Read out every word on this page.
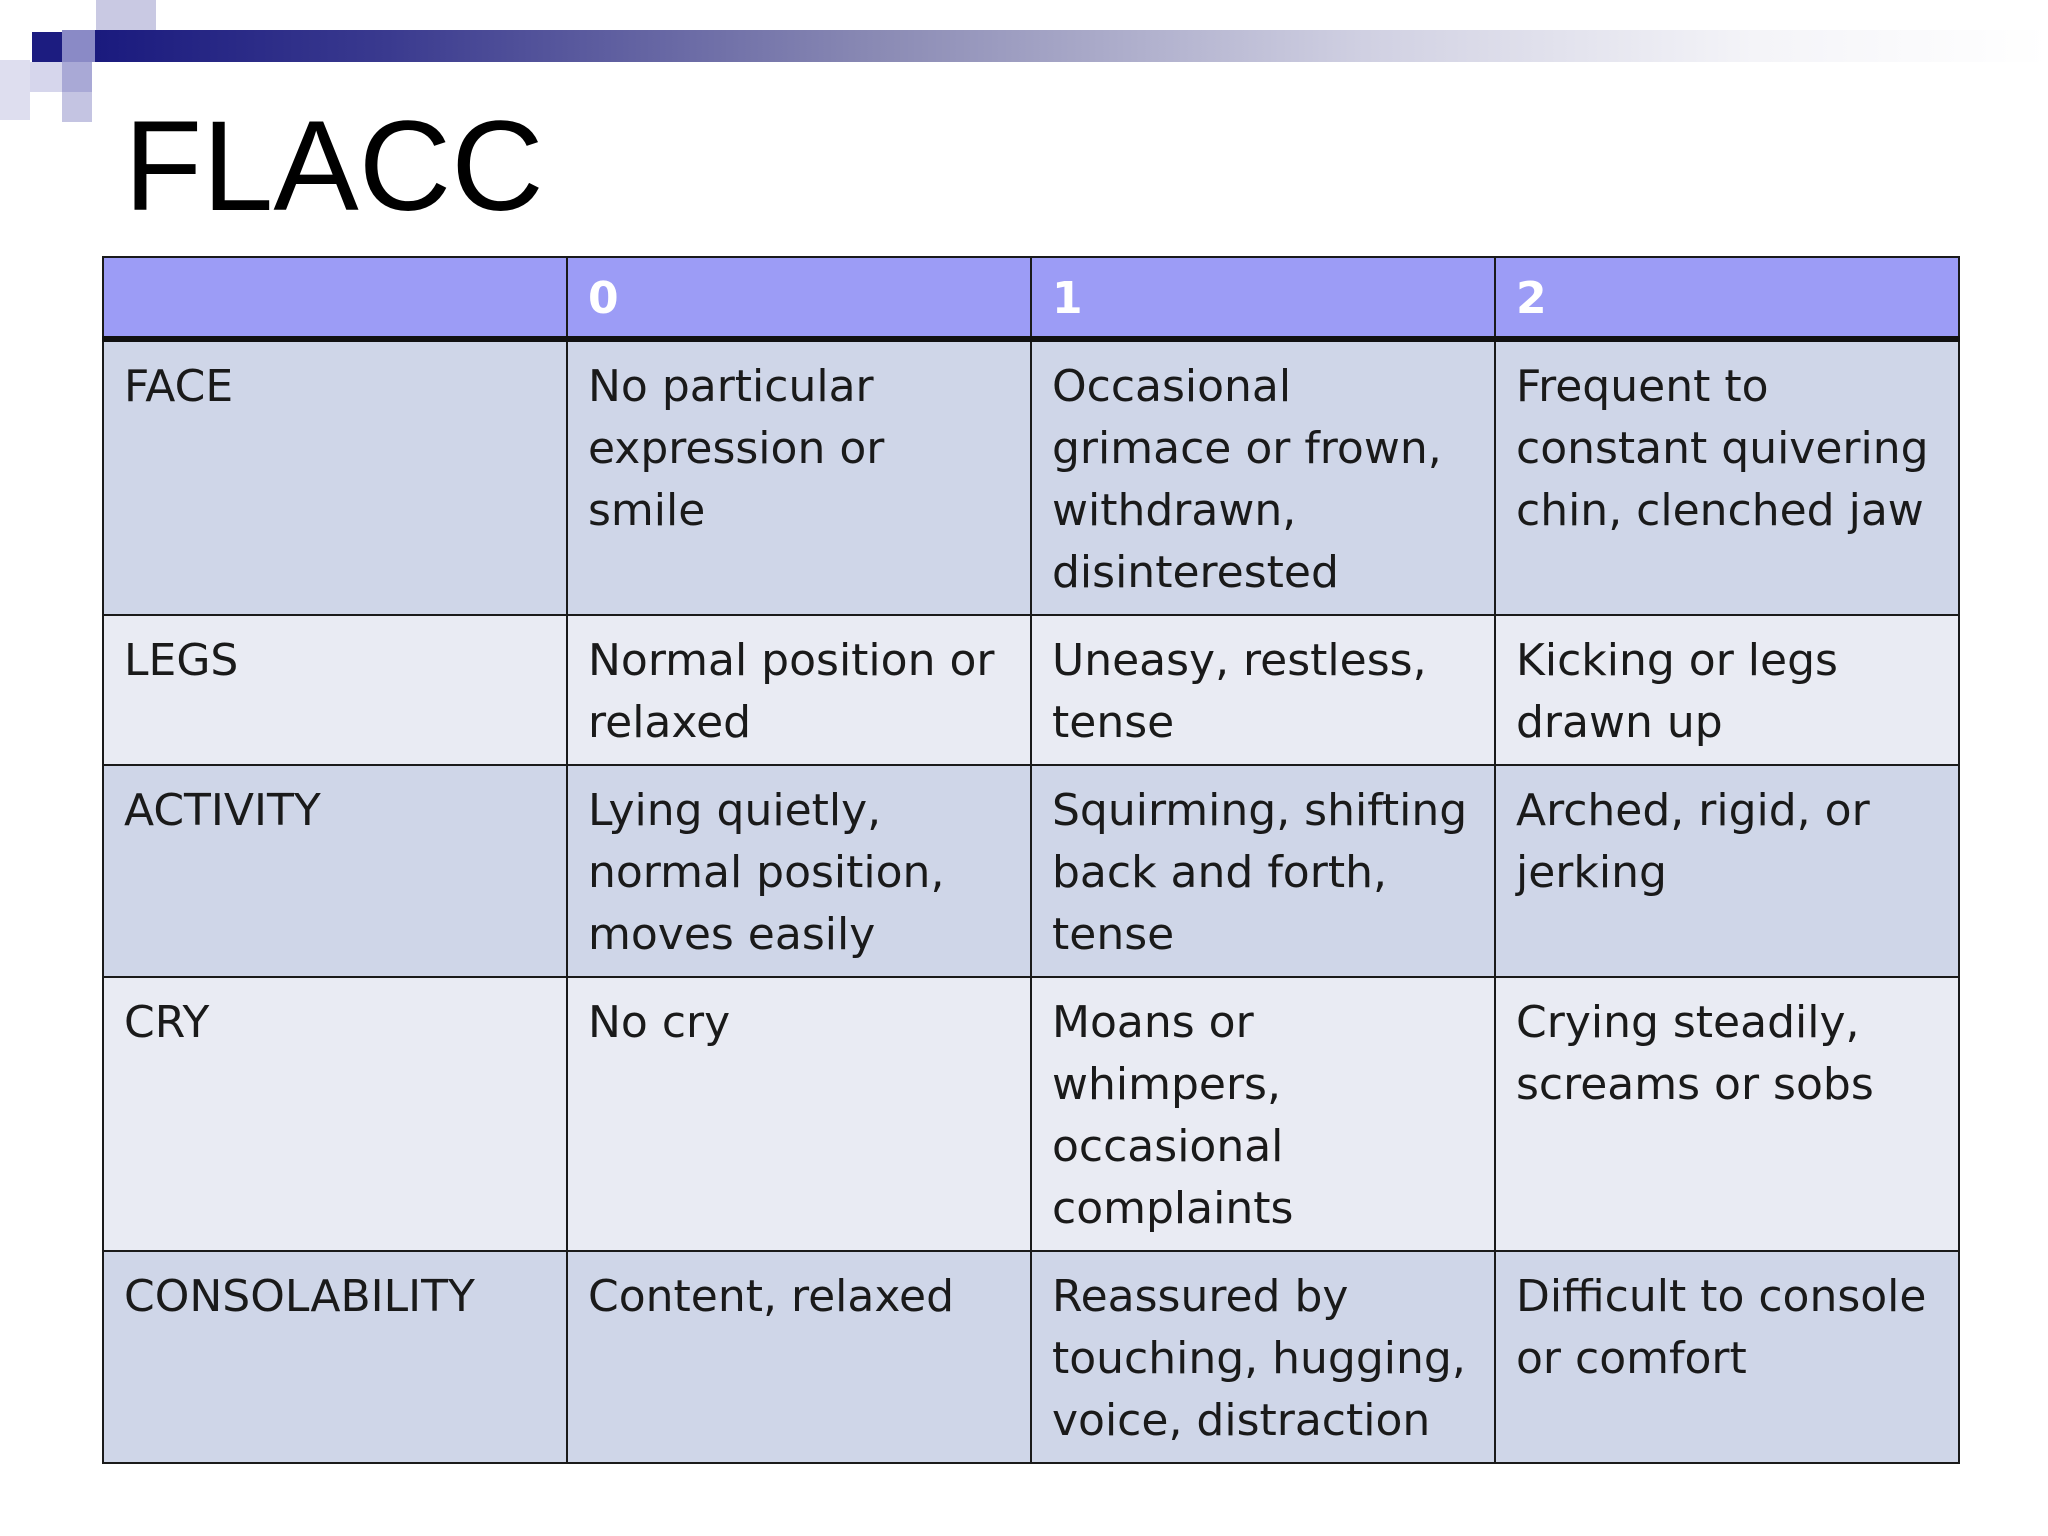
FLACC
	0	1	2
FACE	No particular expression or smile	Occasional grimace or frown, withdrawn, disinterested	Frequent to constant quivering chin, clenched jaw
LEGS	Normal position or relaxed	Uneasy, restless, tense	Kicking or legs drawn up
ACTIVITY	Lying quietly, normal position, moves easily	Squirming, shifting back and forth, tense	Arched, rigid, or jerking
CRY	No cry	Moans or whimpers, occasional complaints	Crying steadily, screams or sobs
CONSOLABILITY	Content, relaxed	Reassured by touching, hugging, voice, distraction	Difficult to console or comfort
